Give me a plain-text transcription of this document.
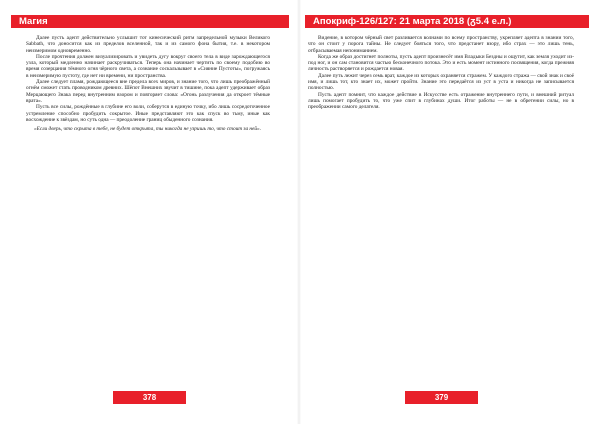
Магия	Апокриф-126/127: 21 марта 2018 (ᵹ5.4 е.л.)

Далее пусть адепт действительно услышит тот кинесический ритм запредельной музыки Великого Sabbath, что доносится как из пределов вселенной, так и из самого фона бытия, т.е. в некотором неизмеримом одновременно.

После прочтения должен визуализировать и увидеть дугу вокруг своего тела в виде зарождающегося узла, который медленно начинает раскручиваться. Теперь она начинает чертить по своему подобию во время созерцания тёмного огня чёрного света, а сознание соскальзывает в «Сияние Пустоты», погружаясь в неизмеримую пустоту, где нет ни времени, ни пространства.

Далее следует пламя, рождающееся вне предела всех миров, и знание того, что лишь преображённый огнём сможет стать проводником древних. Шёпот Внешних звучит в тишине, пока адепт удерживает образ Мерцающего Знака перед внутренним взором и повторяет слова: «Огонь разлучения да откроет тёмные врата».

Пусть все силы, рождённые в глубине его воли, соберутся в единую точку, ибо лишь сосредоточенное устремление способно пробудить сокрытое. Иные представляют это как спуск во тьму, иные как восхождение к звёздам, но суть одна — преодоление границ обыденного сознания.

«Если дверь, что скрыта в тебе, не будет открыта, ты никогда не узришь то, что стоит за ней».

Видение, в котором чёрный свет разливается волнами по всему пространству, укрепляет адепта в знании того, что он стоит у порога тайны. Не следует бояться того, что предстанет взору, ибо страх — это лишь тень, отбрасываемая непониманием.

Когда же образ достигнет полноты, пусть адепт произнесёт имя Владыки Бездны и ощутит, как земля уходит из-под ног, и он сам становится частью бесконечного потока. Это и есть момент истинного посвящения, когда прежняя личность растворяется и рождается новая.

Далее путь лежит через семь врат, каждое из которых охраняется стражем. У каждого стража — свой знак и своё имя, и лишь тот, кто знает их, может пройти. Знание это передаётся из уст в уста и никогда не записывается полностью.

Пусть адепт помнит, что каждое действие в Искусстве есть отражение внутреннего пути, и внешний ритуал лишь помогает пробудить то, что уже спит в глубинах души. Итог работы — не в обретении силы, но в преображении самого делателя.

378	379
